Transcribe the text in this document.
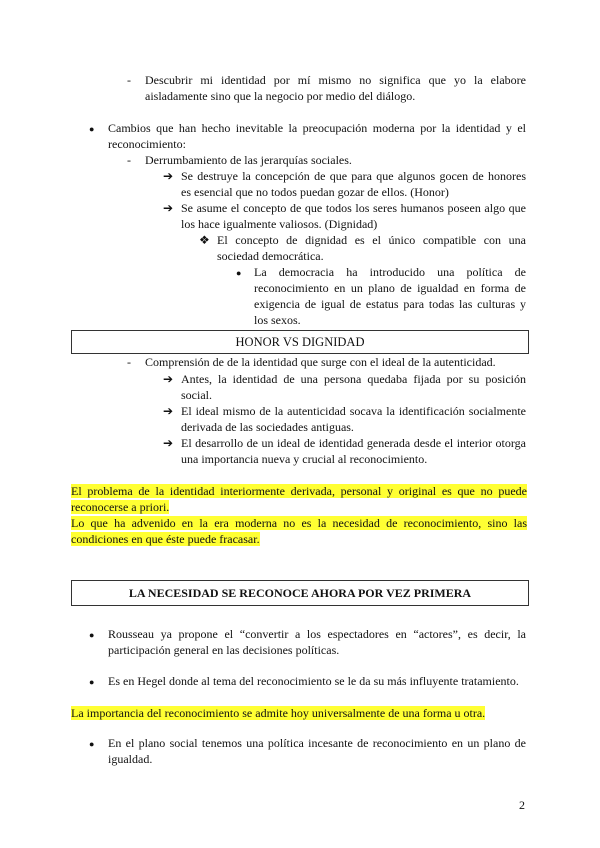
- Descubrir mi identidad por mí mismo no significa que yo la elabore
aisladamente sino que la negocio por medio del diálogo.
● Cambios que han hecho inevitable la preocupación moderna por la identidad y el
reconocimiento:
- Derrumbamiento de las jerarquías sociales.
➔ Se destruye la concepción de que para que algunos gocen de honores
es esencial que no todos puedan gozar de ellos. (Honor)
➔ Se asume el concepto de que todos los seres humanos poseen algo que
los hace igualmente valiosos. (Dignidad)
❖ El concepto de dignidad es el único compatible con una
sociedad democrática.
● La democracia ha introducido una política de
reconocimiento en un plano de igualdad en forma de
exigencia de igual de estatus para todas las culturas y
los sexos.
HONOR VS DIGNIDAD
- Comprensión de de la identidad que surge con el ideal de la autenticidad.
➔ Antes, la identidad de una persona quedaba fijada por su posición
social.
➔ El ideal mismo de la autenticidad socava la identificación socialmente
derivada de las sociedades antiguas.
➔ El desarrollo de un ideal de identidad generada desde el interior otorga
una importancia nueva y crucial al reconocimiento.
El problema de la identidad interiormente derivada, personal y original es que no puede
reconocerse a priori.
Lo que ha advenido en la era moderna no es la necesidad de reconocimiento, sino las
condiciones en que éste puede fracasar.
LA NECESIDAD SE RECONOCE AHORA POR VEZ PRIMERA
● Rousseau ya propone el “convertir a los espectadores en “actores”, es decir, la
participación general en las decisiones políticas.
● Es en Hegel donde al tema del reconocimiento se le da su más influyente tratamiento.
La importancia del reconocimiento se admite hoy universalmente de una forma u otra.
● En el plano social tenemos una política incesante de reconocimiento en un plano de
igualdad.
2
